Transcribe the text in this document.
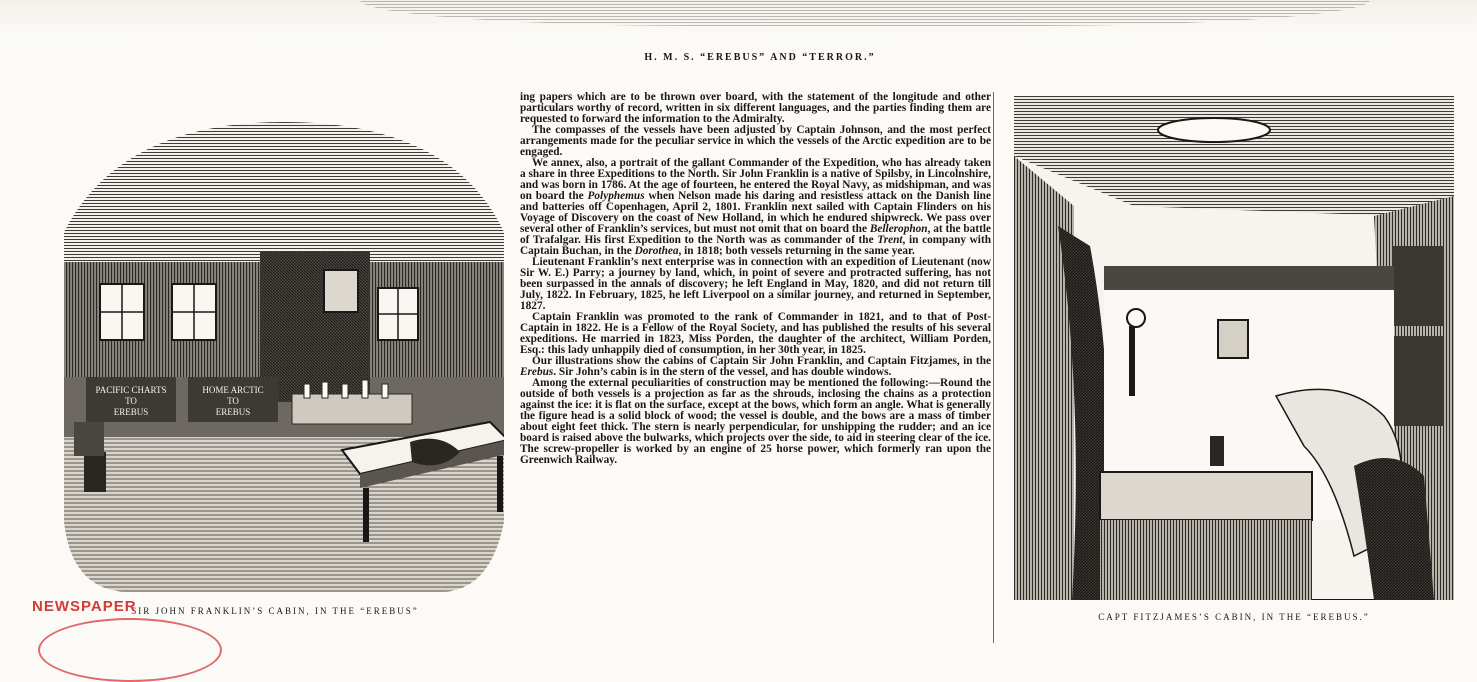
H. M. S. “EREBUS” AND “TERROR.”
PACIFIC CHARTS
TO
EREBUS
HOME ARCTIC
TO
EREBUS
SIR JOHN FRANKLIN’S CABIN, IN THE “EREBUS”

ing papers which are to be thrown over board, with the statement of the longitude and other particulars worthy of record, written in six different languages, and the parties finding them are requested to forward the information to the Admiralty.

The compasses of the vessels have been adjusted by Captain Johnson, and the most perfect arrangements made for the peculiar service in which the vessels of the Arctic expedition are to be engaged.

We annex, also, a portrait of the gallant Commander of the Expedition, who has already taken a share in three Expeditions to the North. Sir John Franklin is a native of Spilsby, in Lincolnshire, and was born in 1786. At the age of fourteen, he entered the Royal Navy, as midshipman, and was on board the Polyphemus when Nelson made his daring and resistless attack on the Danish line and batteries off Copenhagen, April 2, 1801. Franklin next sailed with Captain Flinders on his Voyage of Discovery on the coast of New Holland, in which he endured shipwreck. We pass over several other of Franklin’s services, but must not omit that on board the Bellerophon, at the battle of Trafalgar. His first Expedition to the North was as commander of the Trent, in company with Captain Buchan, in the Dorothea, in 1818; both vessels returning in the same year.

Lieutenant Franklin’s next enterprise was in connection with an expedition of Lieutenant (now Sir W. E.) Parry; a journey by land, which, in point of severe and protracted suffering, has not been surpassed in the annals of discovery; he left England in May, 1820, and did not return till July, 1822. In February, 1825, he left Liverpool on a similar journey, and returned in September, 1827.

Captain Franklin was promoted to the rank of Commander in 1821, and to that of Post-Captain in 1822. He is a Fellow of the Royal Society, and has published the results of his several expeditions. He married in 1823, Miss Porden, the daughter of the architect, William Porden, Esq.: this lady unhappily died of consumption, in her 30th year, in 1825.

Our illustrations show the cabins of Captain Sir John Franklin, and Captain Fitzjames, in the Erebus. Sir John’s cabin is in the stern of the vessel, and has double windows.

Among the external peculiarities of construction may be mentioned the following:—Round the outside of both vessels is a projection as far as the shrouds, inclosing the chains as a protection against the ice: it is flat on the surface, except at the bows, which form an angle. What is generally the figure head is a solid block of wood; the vessel is double, and the bows are a mass of timber about eight feet thick. The stern is nearly perpendicular, for unshipping the rudder; and an ice board is raised above the bulwarks, which projects over the side, to aid in steering clear of the ice. The screw-propeller is worked by an engine of 25 horse power, which formerly ran upon the Greenwich Railway.

CAPT FITZJAMES’S CABIN, IN THE “EREBUS.”
NEWSPAPER
